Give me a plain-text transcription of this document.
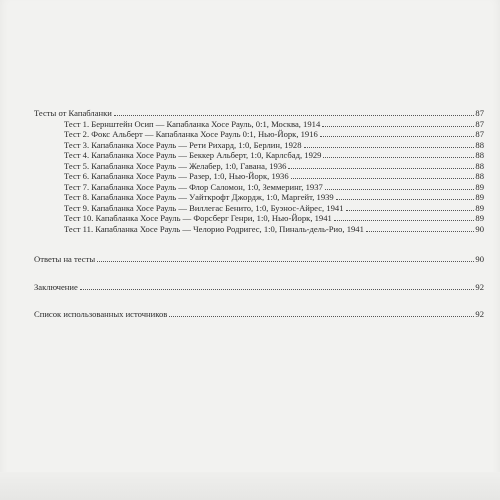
Тесты от Капабланки	87
Тест 1. Бернштейн Осип — Капабланка Хосе Рауль, 0:1, Москва, 1914	87
Тест 2. Фокс Альберт — Капабланка Хосе Рауль 0:1, Нью-Йорк, 1916	87
Тест 3. Капабланка Хосе Рауль — Рети Рихард, 1:0, Берлин, 1928	88
Тест 4. Капабланка Хосе Рауль — Беккер Альберт, 1:0, Карлсбад, 1929	88
Тест 5. Капабланка Хосе Рауль — Желабер, 1:0, Гавана, 1936	88
Тест 6. Капабланка Хосе Рауль — Разер, 1:0, Нью-Йорк, 1936	88
Тест 7. Капабланка Хосе Рауль — Флор Саломон, 1:0, Земмеринг, 1937	89
Тест 8. Капабланка Хосе Рауль — Уайткрофт Джордж, 1:0, Маргейт, 1939	89
Тест 9. Капабланка Хосе Рауль — Виллегас Бенито, 1:0, Буэнос-Айрес, 1941	89
Тест 10. Капабланка Хосе Рауль — Форсберг Генри, 1:0, Нью-Йорк, 1941	89
Тест 11. Капабланка Хосе Рауль — Челорио Родригес, 1:0, Пиналь-дель-Рио, 1941	90
Ответы на тесты	90
Заключение	92
Список использованных источников	92
